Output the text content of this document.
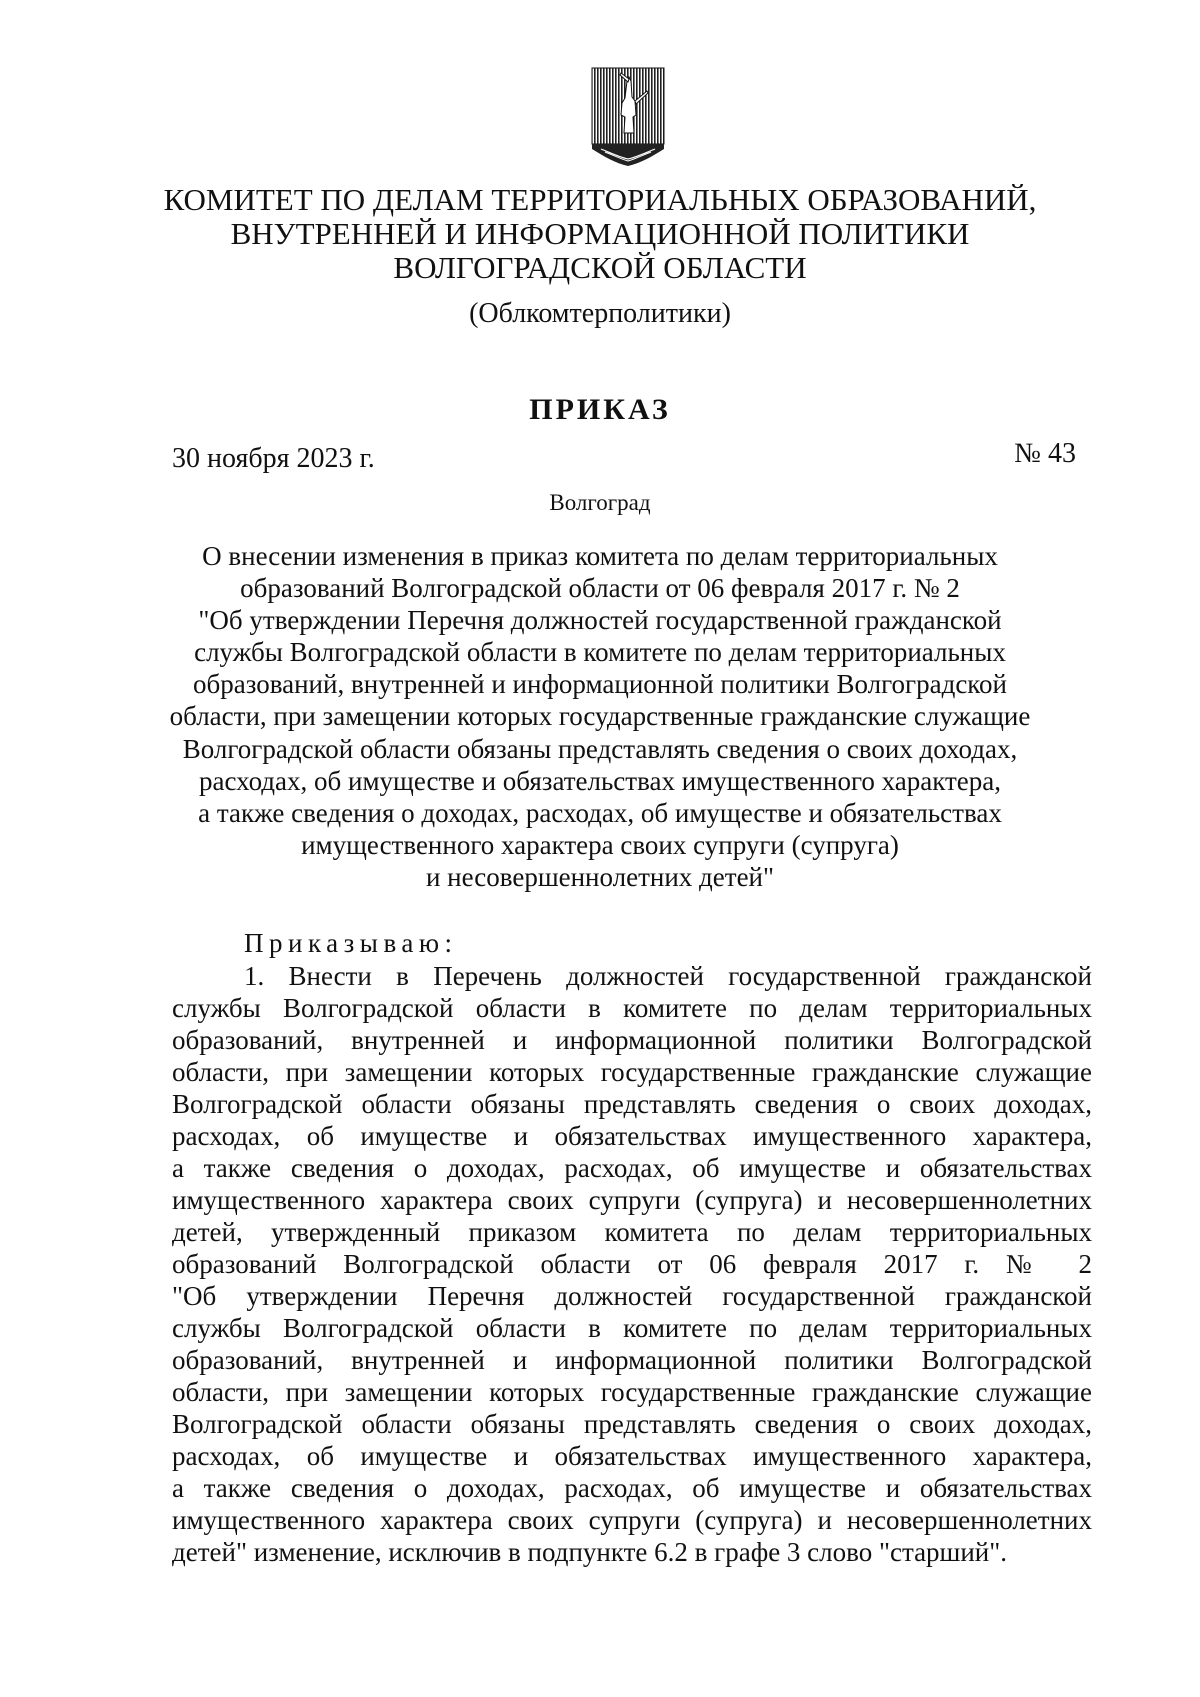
КОМИТЕТ ПО ДЕЛАМ ТЕРРИТОРИАЛЬНЫХ ОБРАЗОВАНИЙ,
ВНУТРЕННЕЙ И ИНФОРМАЦИОННОЙ ПОЛИТИКИ
ВОЛГОГРАДСКОЙ ОБЛАСТИ
(Облкомтерполитики)
ПРИКАЗ
30 ноября 2023 г.	№ 43
Волгоград
О внесении изменения в приказ комитета по делам территориальных
образований Волгоградской области от 06 февраля 2017 г. № 2
"Об утверждении Перечня должностей государственной гражданской
службы Волгоградской области в комитете по делам территориальных
образований, внутренней и информационной политики Волгоградской
области, при замещении которых государственные гражданские служащие
Волгоградской области обязаны представлять сведения о своих доходах,
расходах, об имуществе и обязательствах имущественного характера,
а также сведения о доходах, расходах, об имуществе и обязательствах
имущественного характера своих супруги (супруга)
и несовершеннолетних детей"
Приказываю:
1. Внести в Перечень должностей государственной гражданской
службы Волгоградской области в комитете по делам территориальных
образований, внутренней и информационной политики Волгоградской
области, при замещении которых государственные гражданские служащие
Волгоградской области обязаны представлять сведения о своих доходах,
расходах, об имуществе и обязательствах имущественного характера,
а также сведения о доходах, расходах, об имуществе и обязательствах
имущественного характера своих супруги (супруга) и несовершеннолетних
детей, утвержденный приказом комитета по делам территориальных
образований Волгоградской области от 06 февраля 2017 г. № 2
"Об утверждении Перечня должностей государственной гражданской
службы Волгоградской области в комитете по делам территориальных
образований, внутренней и информационной политики Волгоградской
области, при замещении которых государственные гражданские служащие
Волгоградской области обязаны представлять сведения о своих доходах,
расходах, об имуществе и обязательствах имущественного характера,
а также сведения о доходах, расходах, об имуществе и обязательствах
имущественного характера своих супруги (супруга) и несовершеннолетних
детей" изменение, исключив в подпункте 6.2 в графе 3 слово "старший".
